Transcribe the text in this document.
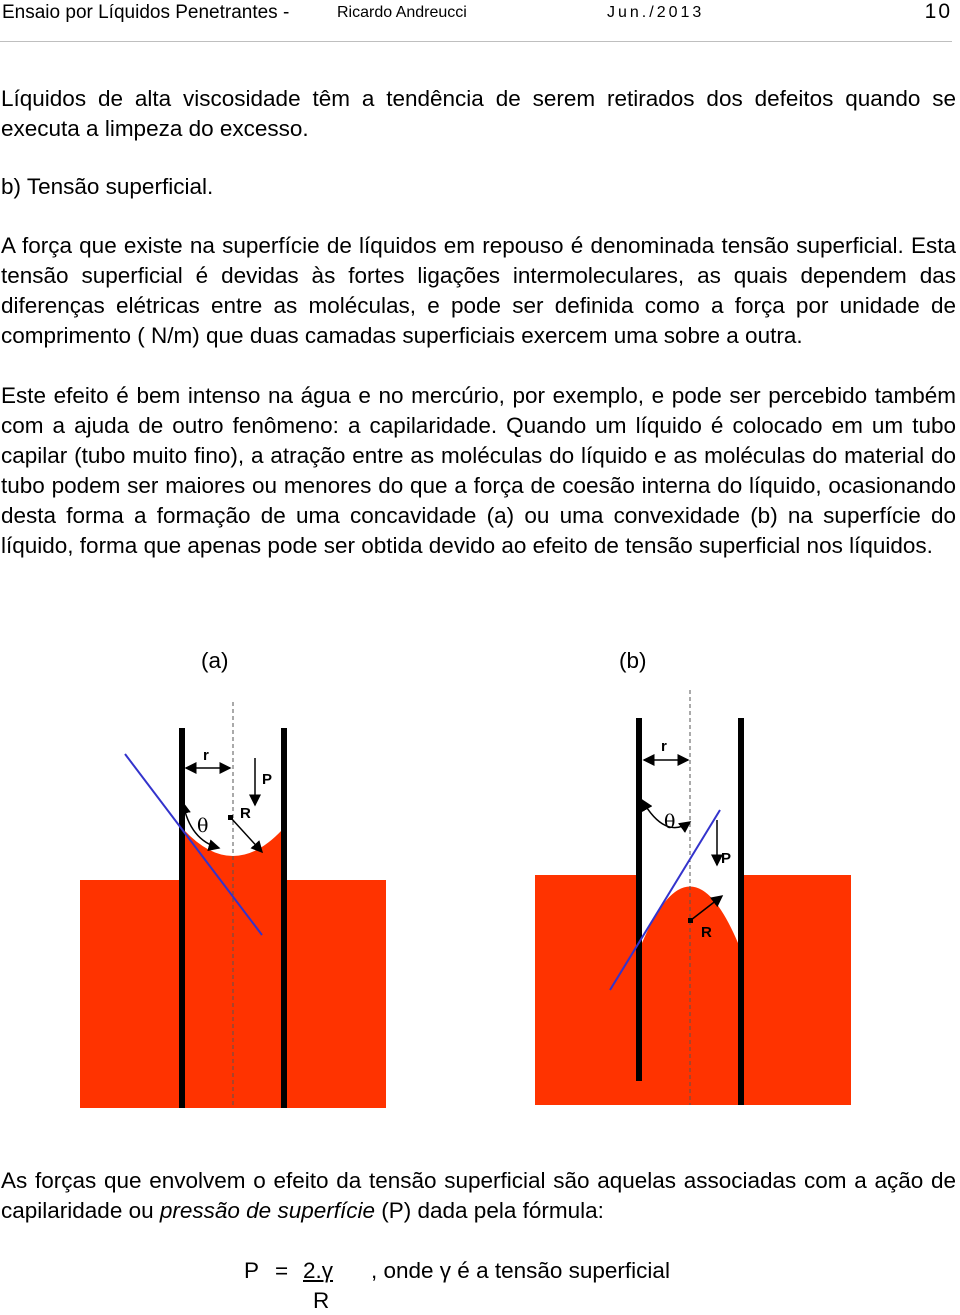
Ensaio por Líquidos Penetrantes -	Ricardo Andreucci	Jun./2013	10

Líquidos de alta viscosidade têm a tendência de serem retirados dos defeitos quando se executa a limpeza do excesso.

b) Tensão superficial.

A força que existe na superfície de líquidos em repouso é denominada tensão superficial. Esta tensão superficial é devidas às fortes ligações intermoleculares, as quais dependem das diferenças elétricas entre as moléculas, e pode ser definida como a força por unidade de comprimento ( N/m) que duas camadas superficiais exercem uma sobre a outra.

Este efeito é bem intenso na água e no mercúrio, por exemplo, e pode ser percebido também com a ajuda de outro fenômeno: a capilaridade. Quando um líquido é colocado em um tubo capilar (tubo muito fino), a atração entre as moléculas do líquido e as moléculas do material do tubo podem ser maiores ou menores do que a força de coesão interna do líquido, ocasionando desta forma a formação de uma concavidade (a) ou uma convexidade (b) na superfície do líquido, forma que apenas pode ser obtida devido ao efeito de tensão superficial nos líquidos.

(a)	(b)
r
P
θ
R
r
θ
P
R

As forças que envolvem o efeito da tensão superficial são aquelas associadas com a ação de capilaridade ou pressão de superfície (P) dada pela fórmula:

P = 2.γ
R
, onde γ é a tensão superficial
